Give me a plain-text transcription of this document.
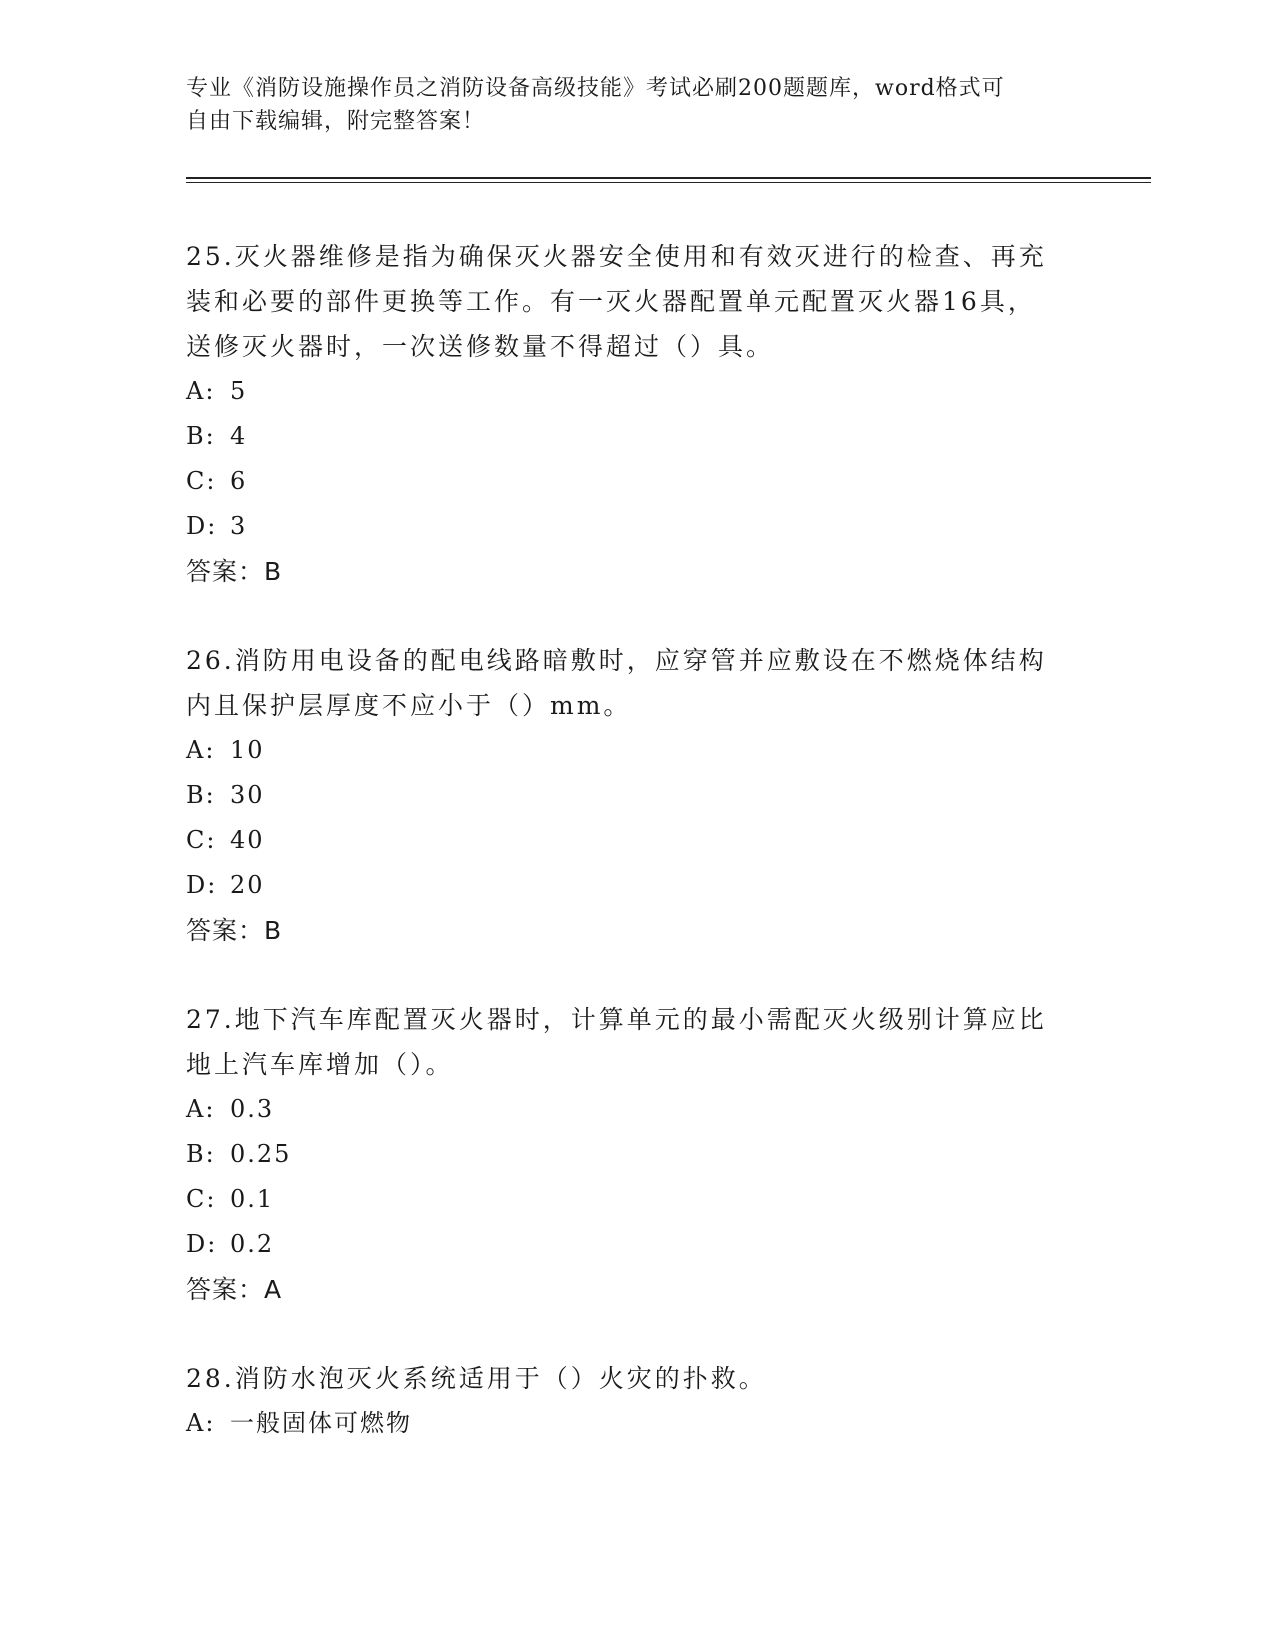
专业《消防设施操作员之消防设备高级技能》考试必刷200题题库，word格式可
自由下载编辑，附完整答案！

25.灭火器维修是指为确保灭火器安全使用和有效灭进行的检查、再充

装和必要的部件更换等工作。有一灭火器配置单元配置灭火器16具，

送修灭火器时，一次送修数量不得超过（）具。

A: 5

B: 4

C: 6

D: 3

答案：B

26.消防用电设备的配电线路暗敷时，应穿管并应敷设在不燃烧体结构

内且保护层厚度不应小于（）mm。

A: 10

B: 30

C: 40

D: 20

答案：B

27.地下汽车库配置灭火器时，计算单元的最小需配灭火级别计算应比

地上汽车库增加（）。

A: 0.3

B: 0.25

C: 0.1

D: 0.2

答案：A

28.消防水泡灭火系统适用于（）火灾的扑救。

A: 一般固体可燃物
